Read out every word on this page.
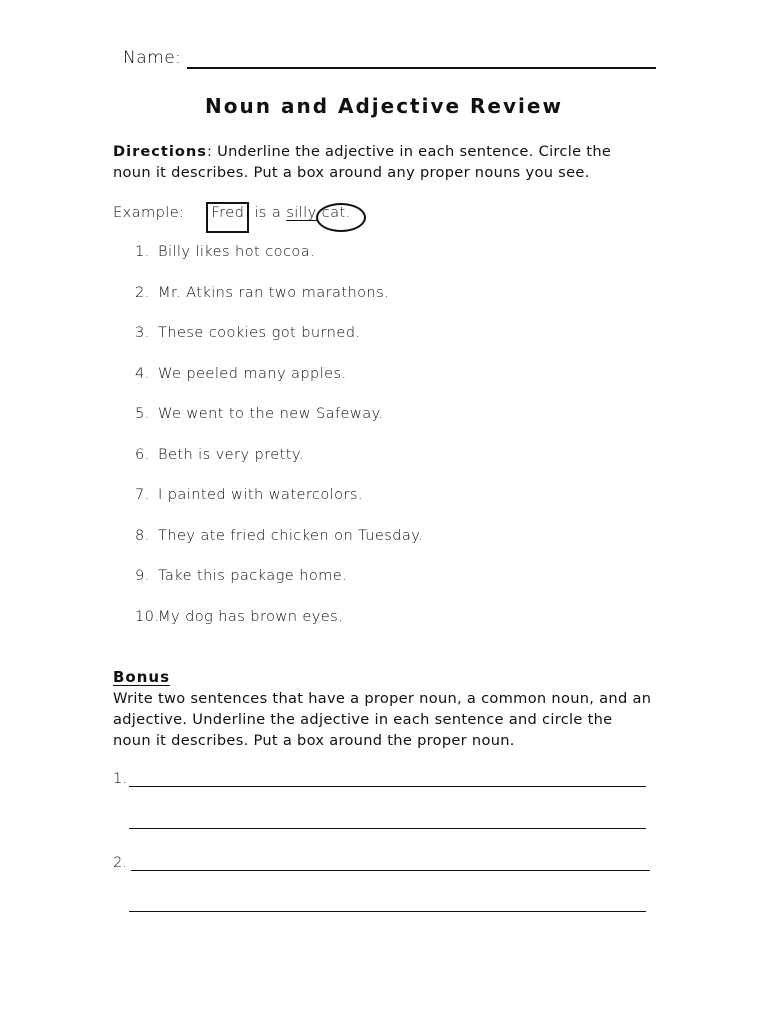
Name:
Noun and Adjective Review
Directions: Underline the adjective in each sentence. Circle the noun it describes. Put a box around any proper nouns you see.
Example: Fred is a silly cat.
1. Billy likes hot cocoa.
2. Mr. Atkins ran two marathons.
3. These cookies got burned.
4. We peeled many apples.
5. We went to the new Safeway.
6. Beth is very pretty.
7. I painted with watercolors.
8. They ate fried chicken on Tuesday.
9. Take this package home.
10.My dog has brown eyes.
Bonus
Write two sentences that have a proper noun, a common noun, and an adjective. Underline the adjective in each sentence and circle the noun it describes. Put a box around the proper noun.
1.
2.
